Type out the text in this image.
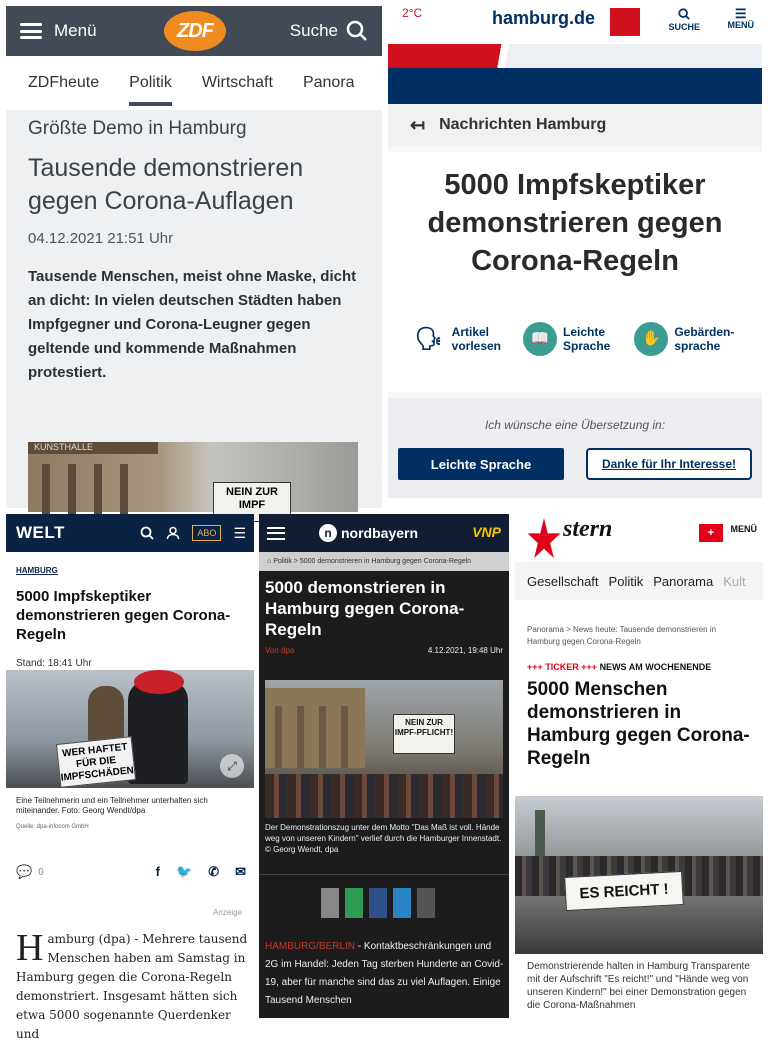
Menü	ZDF	Suche
ZDFheute Politik Wirtschaft Panora
Größte Demo in Hamburg
Tausende demonstrieren gegen Corona-Auflagen
04.12.2021 21:51 Uhr

Tausende Menschen, meist ohne Maske, dicht an dicht: In vielen deutschen Städten haben Impfgegner und Corona-Leugner gegen geltende und kommende Maßnahmen protestiert.

KUNSTHALLE
NEIN ZUR IMPF
2°C	hamburg.de	SUCHE
☰
MENÜ
↤ Nachrichten Hamburg
5000 Impfskeptiker demonstrieren gegen Corona-Regeln
🗣 Artikel vorlesen	📖	Leichte Sprache	✋	Gebärden-sprache
Ich wünsche eine Übersetzung in:
Leichte Sprache	Danke für Ihr Interesse!
WELT	ABO	☰
HAMBURG
5000 Impfskeptiker demonstrieren gegen Corona-Regeln
Stand: 18:41 Uhr
WER HAFTET FÜR DIE IMPFSCHÄDEN	⤢
Eine Teilnehmerin und ein Teilnehmer unterhalten sich miteinander. Foto: Georg Wendt/dpa
Quelle: dpa-infocom GmbH
💬 0	f 🐦 ✆ ✉
Anzeige
H amburg (dpa) - Mehrere tausend Menschen haben am Samstag in Hamburg gegen die Corona-Regeln demonstriert. Insgesamt hätten sich etwa 5000 sogenannte Querdenker und
n nordbayern	VNP
⌂ Politik > 5000 demonstrieren in Hamburg gegen Corona-Regeln
5000 demonstrieren in Hamburg gegen Corona-Regeln
Von dpa	4.12.2021, 19:48 Uhr
NEIN ZUR IMPF-PFLICHT!
Der Demonstrationszug unter dem Motto "Das Maß ist voll. Hände weg von unseren Kindern" verlief durch die Hamburger Innenstadt. © Georg Wendt, dpa

HAMBURG/BERLIN - Kontaktbeschränkungen und 2G im Handel: Jeden Tag sterben Hunderte an Covid-19, aber für manche sind das zu viel Auflagen. Einige Tausend Menschen

stern	+	MENÜ
Gesellschaft Politik Panorama Kult
Panorama > News heute: Tausende demonstrieren in Hamburg gegen Corona-Regeln
+++ TICKER +++ NEWS AM WOCHENENDE
5000 Menschen demonstrieren in Hamburg gegen Corona-Regeln
ES REICHT !
Demonstrierende halten in Hamburg Transparente mit der Aufschrift "Es reicht!" und "Hände weg von unseren Kindern!" bei einer Demonstration gegen die Corona-Maßnahmen
